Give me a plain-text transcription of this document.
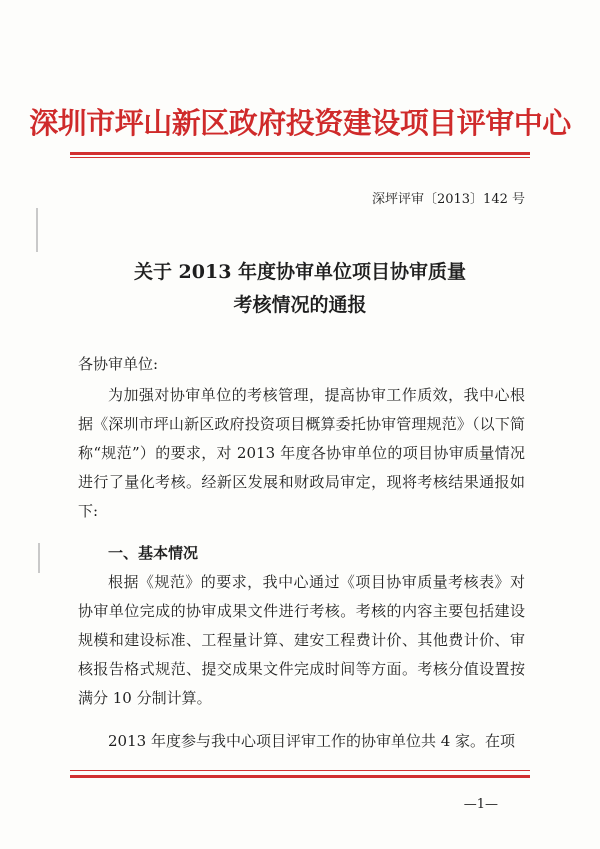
深圳市坪山新区政府投资建设项目评审中心
深坪评审〔2013〕142 号
关于 2013 年度协审单位项目协审质量
考核情况的通报
各协审单位:

为加强对协审单位的考核管理，提高协审工作质效，我中心根据《深圳市坪山新区政府投资项目概算委托协审管理规范》（以下简称“规范”）的要求，对 2013 年度各协审单位的项目协审质量情况进行了量化考核。经新区发展和财政局审定，现将考核结果通报如下:

一、基本情况

根据《规范》的要求，我中心通过《项目协审质量考核表》对协审单位完成的协审成果文件进行考核。考核的内容主要包括建设规模和建设标准、工程量计算、建安工程费计价、其他费计价、审核报告格式规范、提交成果文件完成时间等方面。考核分值设置按满分 10 分制计算。

2013 年度参与我中心项目评审工作的协审单位共 4 家。在项

—1—
